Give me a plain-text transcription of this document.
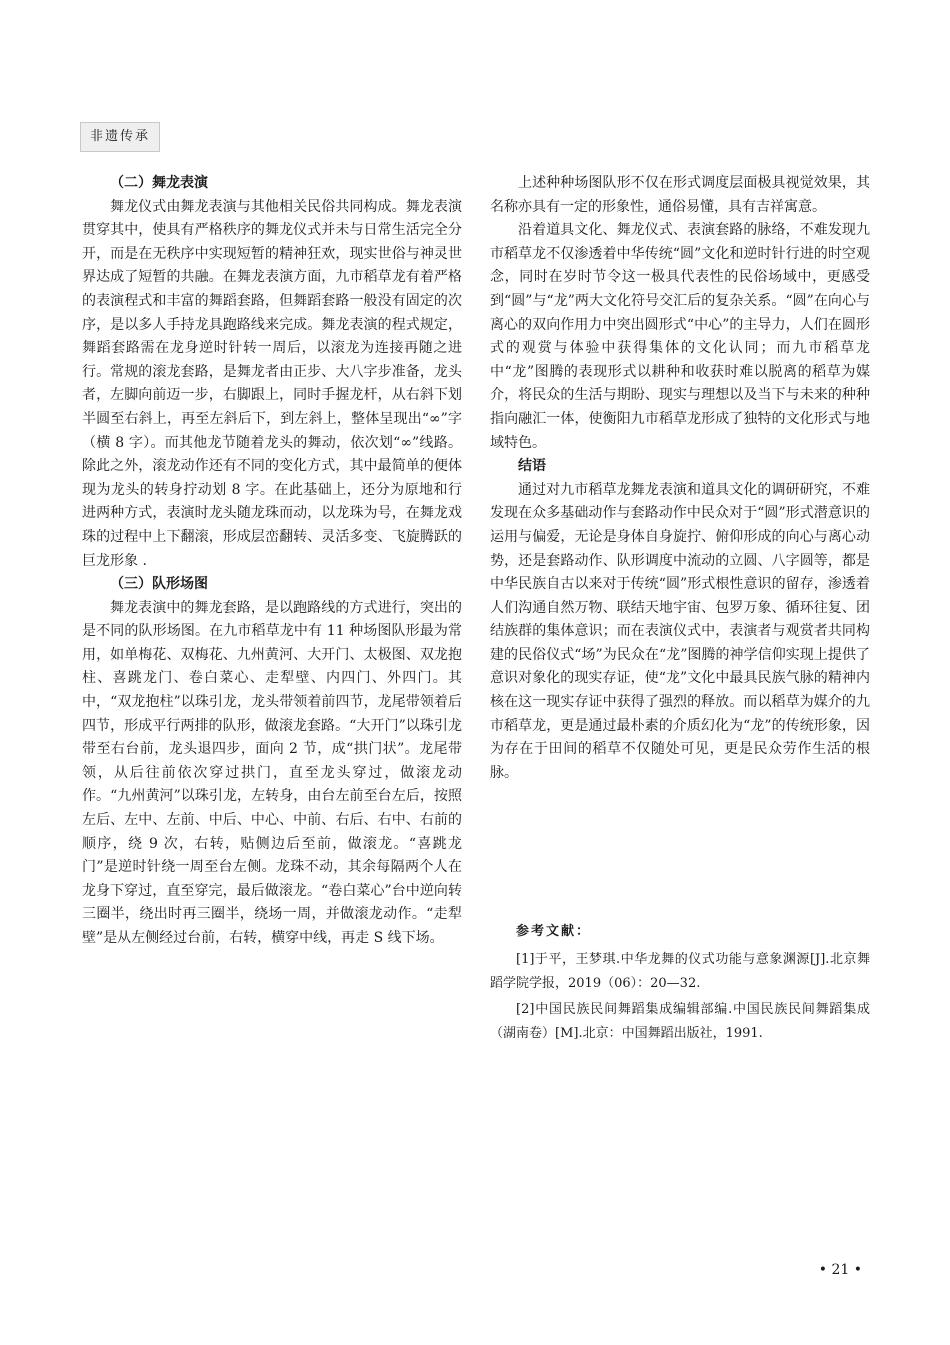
非遗传承
（二）舞龙表演

舞龙仪式由舞龙表演与其他相关民俗共同构成。舞龙表演贯穿其中，使具有严格秩序的舞龙仪式并未与日常生活完全分开，而是在无秩序中实现短暂的精神狂欢，现实世俗与神灵世界达成了短暂的共融。在舞龙表演方面，九市稻草龙有着严格的表演程式和丰富的舞蹈套路，但舞蹈套路一般没有固定的次序，是以多人手持龙具跑路线来完成。舞龙表演的程式规定，舞蹈套路需在龙身逆时针转一周后，以滚龙为连接再随之进行。常规的滚龙套路，是舞龙者由正步、大八字步准备，龙头者，左脚向前迈一步，右脚跟上，同时手握龙杆，从右斜下划半圆至右斜上，再至左斜后下，到左斜上，整体呈现出“∞”字（横 8 字）。而其他龙节随着龙头的舞动，依次划“∞”线路。除此之外，滚龙动作还有不同的变化方式，其中最简单的便体现为龙头的转身拧动划 8 字。在此基础上，还分为原地和行进两种方式，表演时龙头随龙珠而动，以龙珠为号，在舞龙戏珠的过程中上下翻滚，形成层峦翻转、灵活多变、飞旋腾跃的巨龙形象 .

（三）队形场图

舞龙表演中的舞龙套路，是以跑路线的方式进行，突出的是不同的队形场图。在九市稻草龙中有 11 种场图队形最为常用，如单梅花、双梅花、九州黄河、大开门、太极图、双龙抱柱、喜跳龙门、卷白菜心、走犁壁、内四门、外四门。其中，“双龙抱柱”以珠引龙，龙头带领着前四节，龙尾带领着后四节，形成平行两排的队形，做滚龙套路。“大开门”以珠引龙带至右台前，龙头退四步，面向 2 节，成“拱门状”。龙尾带领，从后往前依次穿过拱门，直至龙头穿过，做滚龙动作。“九州黄河”以珠引龙，左转身，由台左前至台左后，按照左后、左中、左前、中后、中心、中前、右后、右中、右前的顺序，绕 9 次，右转，贴侧边后至前，做滚龙。“喜跳龙门”是逆时针绕一周至台左侧。龙珠不动，其余每隔两个人在龙身下穿过，直至穿完，最后做滚龙。“卷白菜心”台中逆向转三圈半，绕出时再三圈半，绕场一周，并做滚龙动作。“走犁壁”是从左侧经过台前，右转，横穿中线，再走 S 线下场。

上述种种场图队形不仅在形式调度层面极具视觉效果，其名称亦具有一定的形象性，通俗易懂，具有吉祥寓意。

沿着道具文化、舞龙仪式、表演套路的脉络，不难发现九市稻草龙不仅渗透着中华传统“圆”文化和逆时针行进的时空观念，同时在岁时节令这一极具代表性的民俗场域中，更感受到“圆”与“龙”两大文化符号交汇后的复杂关系。“圆”在向心与离心的双向作用力中突出圆形式“中心”的主导力，人们在圆形式的观赏与体验中获得集体的文化认同；而九市稻草龙中“龙”图腾的表现形式以耕种和收获时难以脱离的稻草为媒介，将民众的生活与期盼、现实与理想以及当下与未来的种种指向融汇一体，使衡阳九市稻草龙形成了独特的文化形式与地域特色。

结语

通过对九市稻草龙舞龙表演和道具文化的调研研究，不难发现在众多基础动作与套路动作中民众对于“圆”形式潜意识的运用与偏爱，无论是身体自身旋拧、俯仰形成的向心与离心动势，还是套路动作、队形调度中流动的立圆、八字圆等，都是中华民族自古以来对于传统“圆”形式根性意识的留存，渗透着人们沟通自然万物、联结天地宇宙、包罗万象、循环往复、团结族群的集体意识；而在表演仪式中，表演者与观赏者共同构建的民俗仪式“场”为民众在“龙”图腾的神学信仰实现上提供了意识对象化的现实存证，使“龙”文化中最具民族气脉的精神内核在这一现实存证中获得了强烈的释放。而以稻草为媒介的九市稻草龙，更是通过最朴素的介质幻化为“龙”的传统形象，因为存在于田间的稻草不仅随处可见，更是民众劳作生活的根脉。

参考文献：

[1]于平，王梦琪.中华龙舞的仪式功能与意象渊源[J].北京舞蹈学院学报，2019（06）：20—32.

[2]中国民族民间舞蹈集成编辑部编.中国民族民间舞蹈集成（湖南卷）[M].北京：中国舞蹈出版社，1991.

• 21 •
